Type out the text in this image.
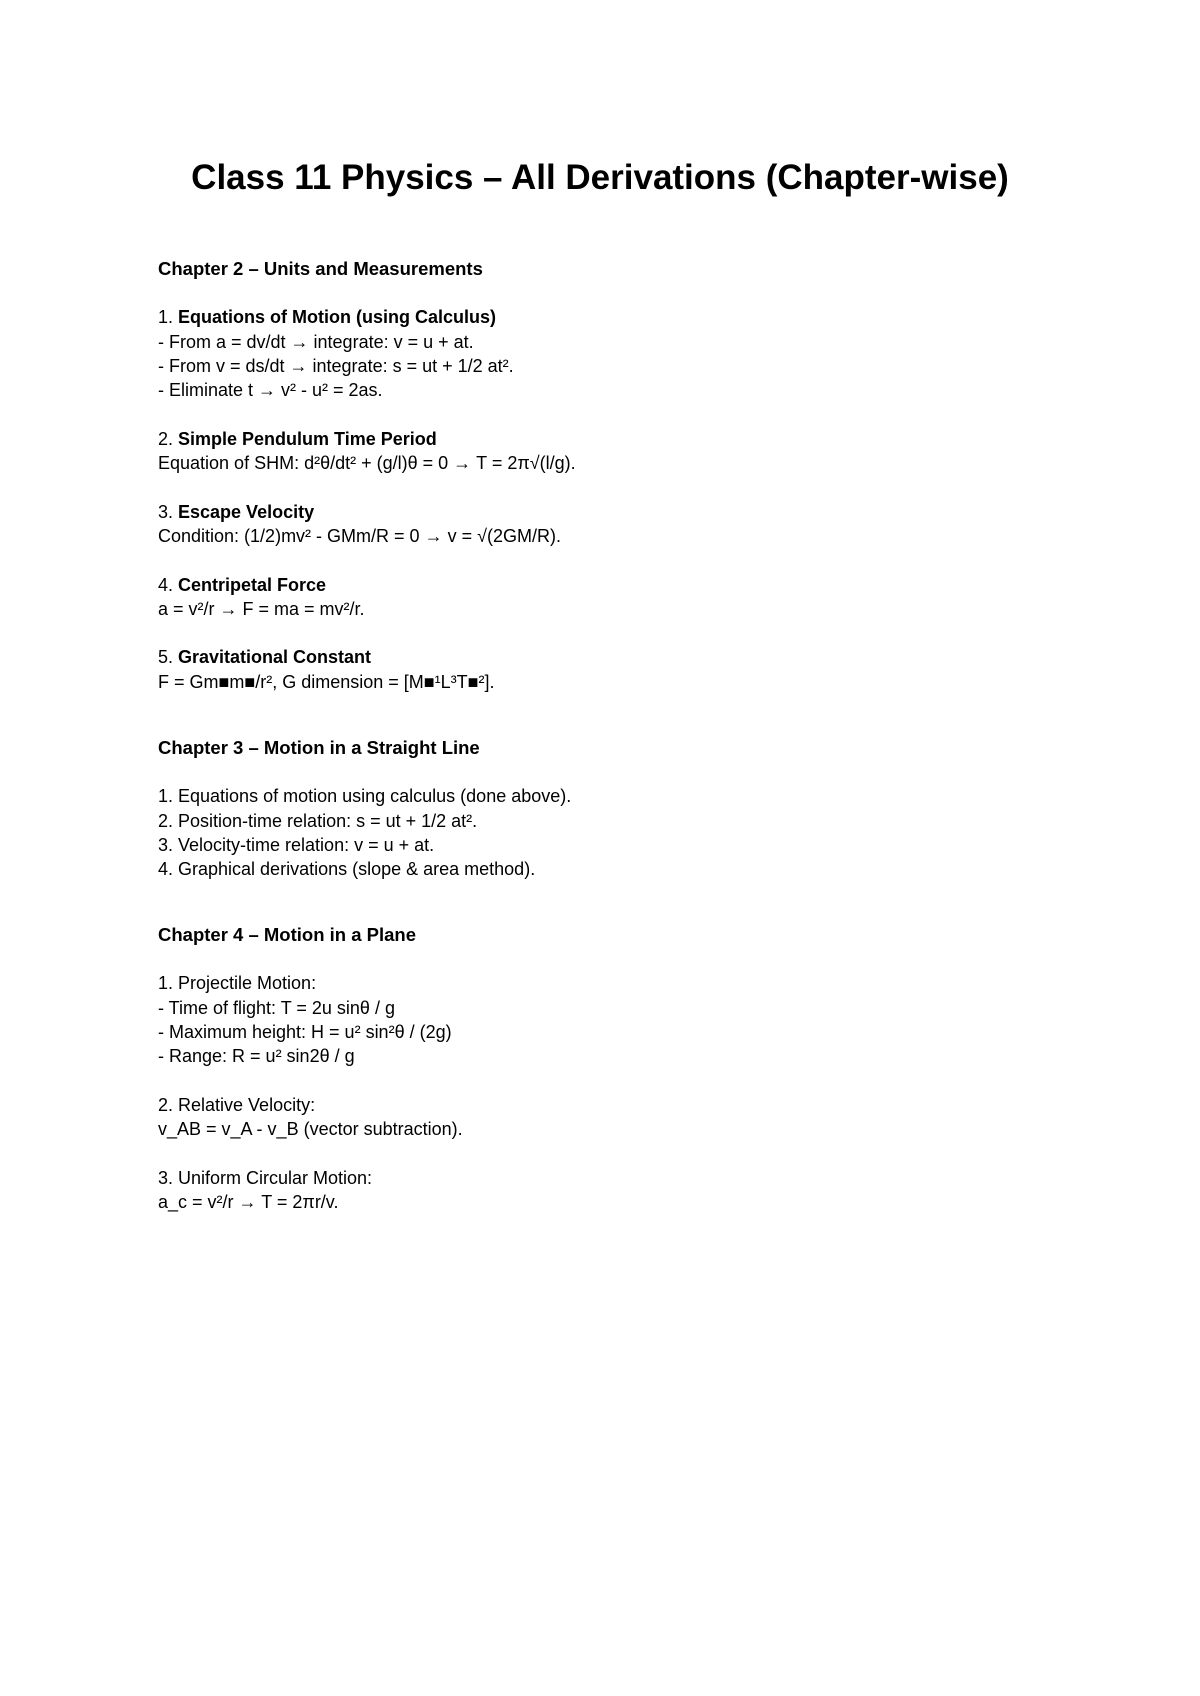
Class 11 Physics – All Derivations (Chapter-wise)
Chapter 2 – Units and Measurements
1. Equations of Motion (using Calculus)
- From a = dv/dt → integrate: v = u + at.
- From v = ds/dt → integrate: s = ut + 1/2 at².
- Eliminate t → v² - u² = 2as.
2. Simple Pendulum Time Period
Equation of SHM: d²θ/dt² + (g/l)θ = 0 → T = 2π√(l/g).
3. Escape Velocity
Condition: (1/2)mv² - GMm/R = 0 → v = √(2GM/R).
4. Centripetal Force
a = v²/r → F = ma = mv²/r.
5. Gravitational Constant
F = Gm■m■/r², G dimension = [M■¹L³T■²].
Chapter 3 – Motion in a Straight Line
1. Equations of motion using calculus (done above).
2. Position-time relation: s = ut + 1/2 at².
3. Velocity-time relation: v = u + at.
4. Graphical derivations (slope & area method).
Chapter 4 – Motion in a Plane
1. Projectile Motion:
- Time of flight: T = 2u sinθ / g
- Maximum height: H = u² sin²θ / (2g)
- Range: R = u² sin2θ / g
2. Relative Velocity:
v_AB = v_A - v_B (vector subtraction).
3. Uniform Circular Motion:
a_c = v²/r → T = 2πr/v.
